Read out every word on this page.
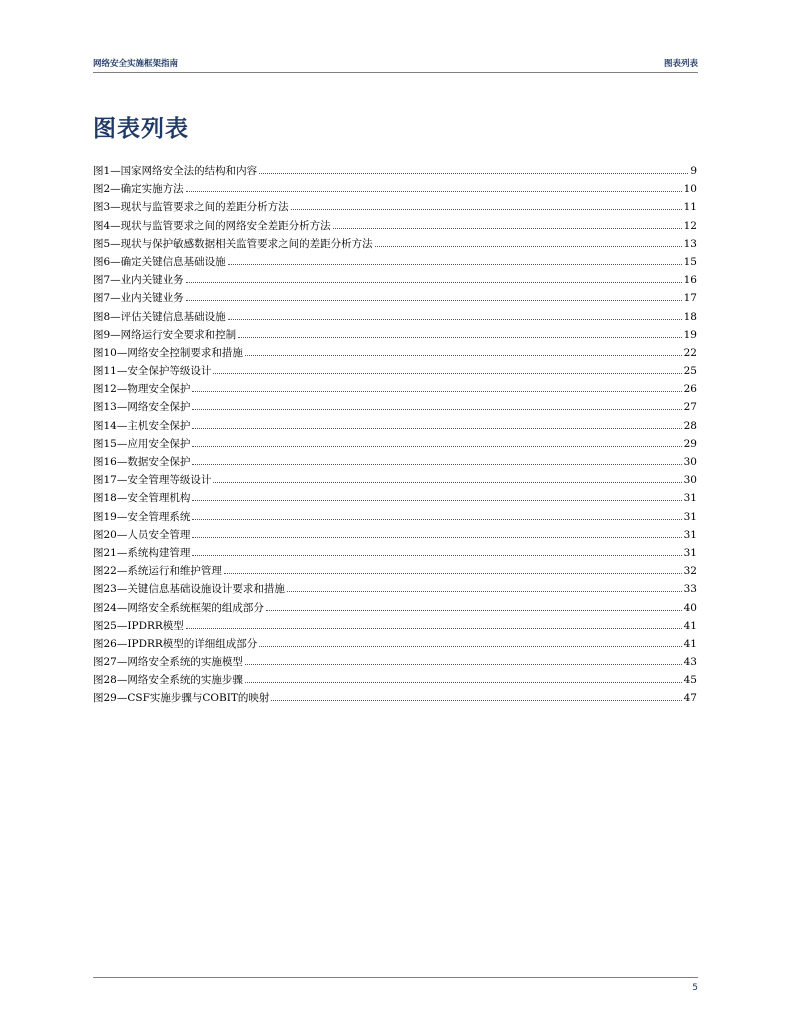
网络安全实施框架指南	图表列表
图表列表
图1—国家网络安全法的结构和内容	9
图2—确定实施方法	10
图3—现状与监管要求之间的差距分析方法	11
图4—现状与监管要求之间的网络安全差距分析方法	12
图5—现状与保护敏感数据相关监管要求之间的差距分析方法	13
图6—确定关键信息基础设施	15
图7—业内关键业务	16
图7—业内关键业务	17
图8—评估关键信息基础设施	18
图9—网络运行安全要求和控制	19
图10—网络安全控制要求和措施	22
图11—安全保护等级设计	25
图12—物理安全保护	26
图13—网络安全保护	27
图14—主机安全保护	28
图15—应用安全保护	29
图16—数据安全保护	30
图17—安全管理等级设计	30
图18—安全管理机构	31
图19—安全管理系统	31
图20—人员安全管理	31
图21—系统构建管理	31
图22—系统运行和维护管理	32
图23—关键信息基础设施设计要求和措施	33
图24—网络安全系统框架的组成部分	40
图25—IPDRR模型	41
图26—IPDRR模型的详细组成部分	41
图27—网络安全系统的实施模型	43
图28—网络安全系统的实施步骤	45
图29—CSF实施步骤与COBIT的映射	47
5
